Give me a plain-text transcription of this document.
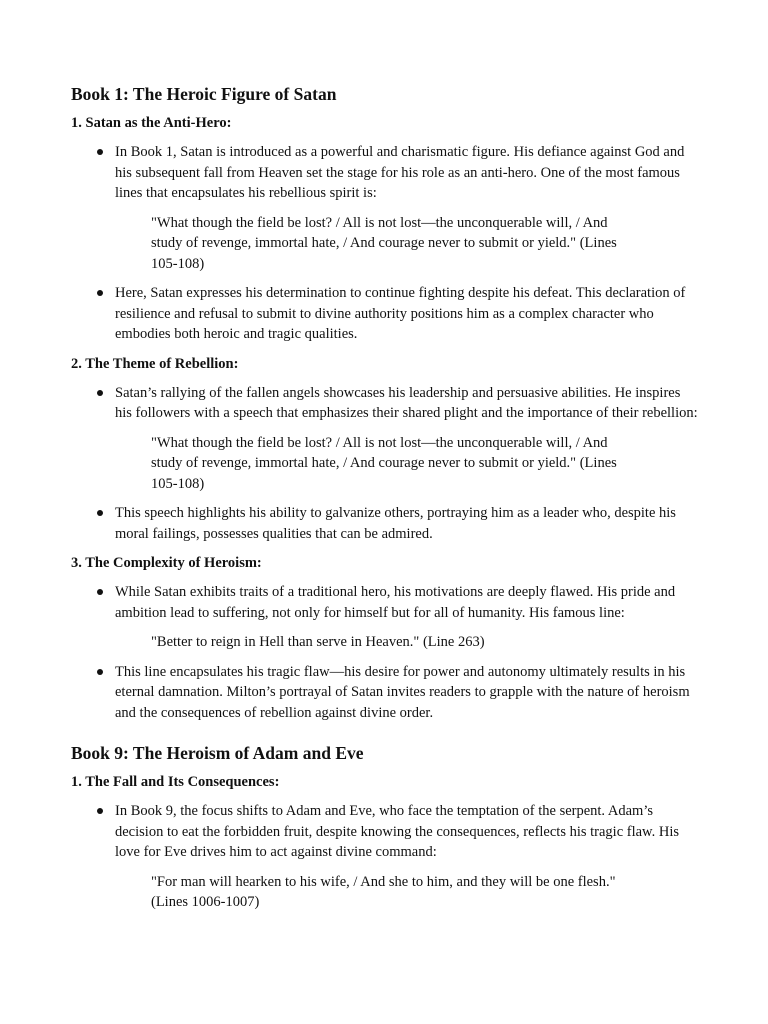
Book 1: The Heroic Figure of Satan
1. Satan as the Anti-Hero:
In Book 1, Satan is introduced as a powerful and charismatic figure. His defiance against God and his subsequent fall from Heaven set the stage for his role as an anti-hero. One of the most famous lines that encapsulates his rebellious spirit is:
"What though the field be lost? / All is not lost—the unconquerable will, / And study of revenge, immortal hate, / And courage never to submit or yield." (Lines 105-108)
Here, Satan expresses his determination to continue fighting despite his defeat. This declaration of resilience and refusal to submit to divine authority positions him as a complex character who embodies both heroic and tragic qualities.
2. The Theme of Rebellion:
Satan’s rallying of the fallen angels showcases his leadership and persuasive abilities. He inspires his followers with a speech that emphasizes their shared plight and the importance of their rebellion:
"What though the field be lost? / All is not lost—the unconquerable will, / And study of revenge, immortal hate, / And courage never to submit or yield." (Lines 105-108)
This speech highlights his ability to galvanize others, portraying him as a leader who, despite his moral failings, possesses qualities that can be admired.
3. The Complexity of Heroism:
While Satan exhibits traits of a traditional hero, his motivations are deeply flawed. His pride and ambition lead to suffering, not only for himself but for all of humanity. His famous line:
"Better to reign in Hell than serve in Heaven." (Line 263)
This line encapsulates his tragic flaw—his desire for power and autonomy ultimately results in his eternal damnation. Milton’s portrayal of Satan invites readers to grapple with the nature of heroism and the consequences of rebellion against divine order.
Book 9: The Heroism of Adam and Eve
1. The Fall and Its Consequences:
In Book 9, the focus shifts to Adam and Eve, who face the temptation of the serpent. Adam’s decision to eat the forbidden fruit, despite knowing the consequences, reflects his tragic flaw. His love for Eve drives him to act against divine command:
"For man will hearken to his wife, / And she to him, and they will be one flesh." (Lines 1006-1007)
